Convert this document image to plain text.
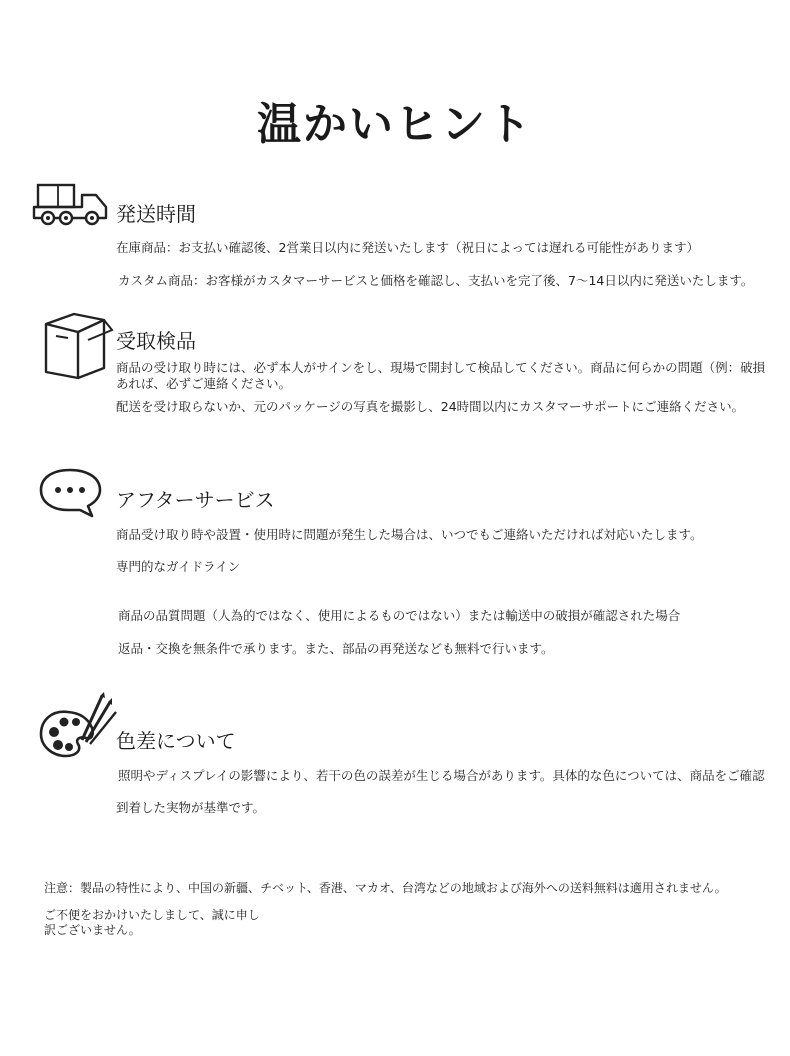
温かいヒント
発送時間
在庫商品：お支払い確認後、2営業日以内に発送いたします（祝日によっては遅れる可能性があります）
カスタム商品：お客様がカスタマーサービスと価格を確認し、支払いを完了後、7〜14日以内に発送いたします。
受取検品
商品の受け取り時には、必ず本人がサインをし、現場で開封して検品してください。商品に何らかの問題（例：破損
あれば、必ずご連絡ください。
配送を受け取らないか、元のパッケージの写真を撮影し、24時間以内にカスタマーサポートにご連絡ください。
アフターサービス
商品受け取り時や設置・使用時に問題が発生した場合は、いつでもご連絡いただければ対応いたします。
専門的なガイドライン
商品の品質問題（人為的ではなく、使用によるものではない）または輸送中の破損が確認された場合
返品・交換を無条件で承ります。また、部品の再発送なども無料で行います。
色差について
照明やディスプレイの影響により、若干の色の誤差が生じる場合があります。具体的な色については、商品をご確認
到着した実物が基準です。
注意：製品の特性により、中国の新疆、チベット、香港、マカオ、台湾などの地域および海外への送料無料は適用されません。
ご不便をおかけいたしまして、誠に申し
訳ございません。
